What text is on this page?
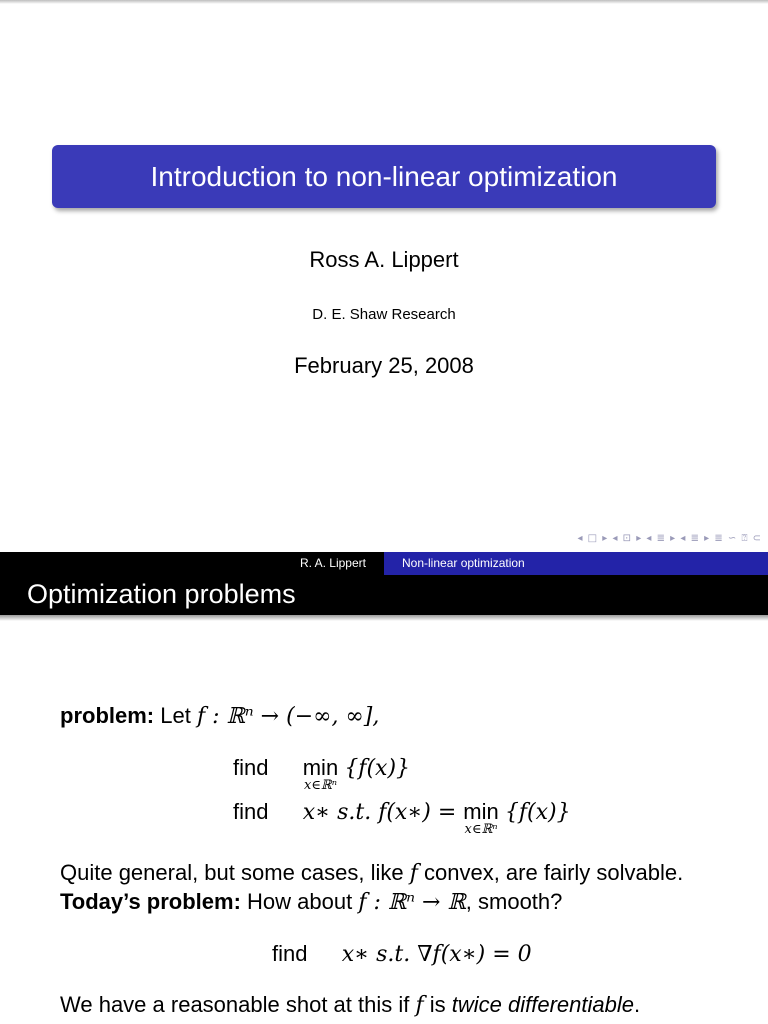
Introduction to non-linear optimization
Ross A. Lippert
D. E. Shaw Research
February 25, 2008
◂ □ ▸ ◂ ⊡ ▸ ◂ ≣ ▸ ◂ ≣ ▸ ≣ ∽ ⍰ ⊂
R. A. Lippert	Non-linear optimization
Optimization problems
problem: Let f : ℝⁿ → (−∞, ∞],
find min
x∈ℝⁿ
{f(x)}
find x∗ s.t. f(x∗) = min
x∈ℝⁿ
{f(x)}
Quite general, but some cases, like f convex, are fairly solvable.
Today’s problem: How about f : ℝⁿ → ℝ, smooth?
find x∗ s.t. ∇f(x∗) = 0
We have a reasonable shot at this if f is twice differentiable.
